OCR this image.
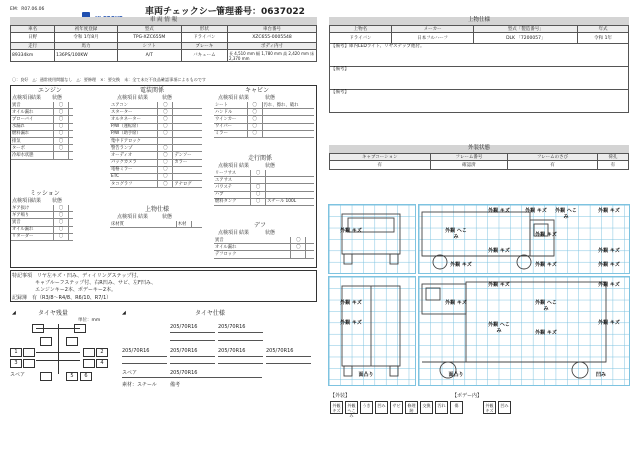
EM：R07.06.06	車両チェックシート
管理番号：0637022
車 両 情 報
車名	初年度登録	型式	形状	車台番号
日野	令和 1年8月	TPG-XZC655M	ドライバン	XZC655-0005548
走行	馬力	シフト	ブレーキ	ボディ内寸
89334km	136PS/100KW	A/T	バキューム	長 4,510 mm 幅 1,780 mm 高 2,420 mm 床 2,370 mm
〇：良好　△：通常使用問題なし　△：要修理　×：要交換　未：全て未だ不良品確認事項によるものです
エンジン
点検項目
結果 状態
異音	〇	
オイル漏れ	〇	
ブローバイ	〇	
水漏れ	〇	
燃料漏れ	〇	
排気	〇	
ターボ	〇	
冷却水状態		
ミッション
点検項目
結果 状態
ギア抜け	〇	
ギア鳴り	〇	
異音	〇	
オイル漏れ	〇	
リターダー	〇	
電装関係
点検項目 結果	状態
エアコン	〇	
スターター	〇	
オルタネーター	〇	
P/W（運転席）	〇	
P/W（助手席）	〇	
集中ドアロック		
警告ランプ	〇	
オーディオ	〇	デンソー
バックカメラ	〇	カラー
電格ミラー	〇	
ETC	〇	
タコグラフ	〇	アナログ
上物仕様
点検項目 結果	状態
床材質	木材	
キャビン
点検項目 結果	状態
シート	〇	汚れ、擦れ、破れ
ハンドル	〇	
ウインカー	〇	
ワイパー	〇	
ミラー	〇	
走行関係
点検項目 結果	状態
リーフサス	〇	
エアサス		
パワステ	〇	
ハブ	〇	
燃料タンク	〇	スチール 100L
デフ
点検項目 結果	状態
異音	〇	
オイル漏れ	〇	
デフロック		
特記事項　 リヤ左キズ・凹み、ディイリングステップ付、
キャブルーフステップ付、右R凹み、サビ、左F凹み、
エンジンキー2本、ボデーキー2本。
記録簿　 有（R3/8～R4/8、R6/10、R7/1）
◢	タイヤ残量
単位：mm
1	2
3	4
スペア	5	6
◢	タイヤ仕様
205/70R16	205/70R16
205/70R16	205/70R16	205/70R16	205/70R16
スペア	205/70R16
素材：スチール	備考
上物仕様
上物名	メーカー	型式「製造番号」	年式
ドライバン	日本フルハーフ	DLK 「7200057」	令和 1年
【備考】庫内LEDライト、リヤステップ他付。			
【備考】			
【備考】			
外装状態
キャブコーション	フレーム番号	フレームのさび	荷孔
有	確認済	有	有
外観 キズ	外観 キズ 外観 へこみ
外観 キズ
外観 キズ	外観 へこみ	外観 キズ
外観 キズ	外観 キズ
外観 キズ	外観 キズ	外観 キズ
外観 キズ	外観 キズ
外観 キズ	外観 へこみ
外観 キズ
外観 キズ	外観 キズ
外観 へこみ	外観 キズ
面凸り	面凸り	凹み
【外装】	【ボデー内】
外観 キズ外観 へこみうき 凹み サビ 修理跡交換 汚れ 傷	外観 キズ凹み
